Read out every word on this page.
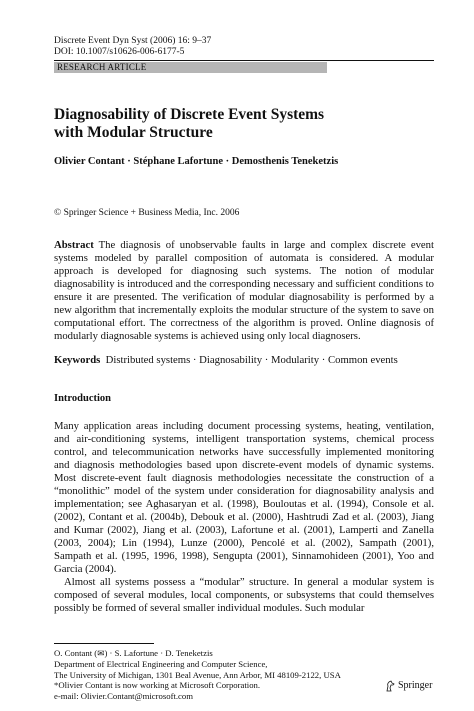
Discrete Event Dyn Syst (2006) 16: 9–37
DOI: 10.1007/s10626-006-6177-5
RESEARCH ARTICLE
Diagnosability of Discrete Event Systems
with Modular Structure
Olivier Contant · Stéphane Lafortune · Demosthenis Teneketzis
© Springer Science + Business Media, Inc. 2006
Abstract The diagnosis of unobservable faults in large and complex discrete event systems modeled by parallel composition of automata is considered. A modular approach is developed for diagnosing such systems. The notion of modular diagnosability is introduced and the corresponding necessary and sufficient conditions to ensure it are presented. The verification of modular diagnosability is performed by a new algorithm that incrementally exploits the modular structure of the system to save on computational effort. The correctness of the algorithm is proved. Online diagnosis of modularly diagnosable systems is achieved using only local diagnosers.
Keywords Distributed systems · Diagnosability · Modularity · Common events
Introduction

Many application areas including document processing systems, heating, ventilation, and air-conditioning systems, intelligent transportation systems, chemical process control, and telecommunication networks have successfully implemented monitoring and diagnosis methodologies based upon discrete-event models of dynamic systems. Most discrete-event fault diagnosis methodologies necessitate the construction of a “monolithic” model of the system under consideration for diagnosability analysis and implementation; see Aghasaryan et al. (1998), Bouloutas et al. (1994), Console et al. (2002), Contant et al. (2004b), Debouk et al. (2000), Hashtrudi Zad et al. (2003), Jiang and Kumar (2002), Jiang et al. (2003), Lafortune et al. (2001), Lamperti and Zanella (2003, 2004); Lin (1994), Lunze (2000), Pencolé et al. (2002), Sampath (2001), Sampath et al. (1995, 1996, 1998), Sengupta (2001), Sinnamohideen (2001), Yoo and Garcia (2004).

Almost all systems possess a “modular” structure. In general a modular system is composed of several modules, local components, or subsystems that could themselves possibly be formed of several smaller individual modules. Such modular

O. Contant (✉) · S. Lafortune · D. Teneketzis
Department of Electrical Engineering and Computer Science,
The University of Michigan, 1301 Beal Avenue, Ann Arbor, MI 48109-2122, USA
*Olivier Contant is now working at Microsoft Corporation.
e-mail: Olivier.Contant@microsoft.com
Springer
